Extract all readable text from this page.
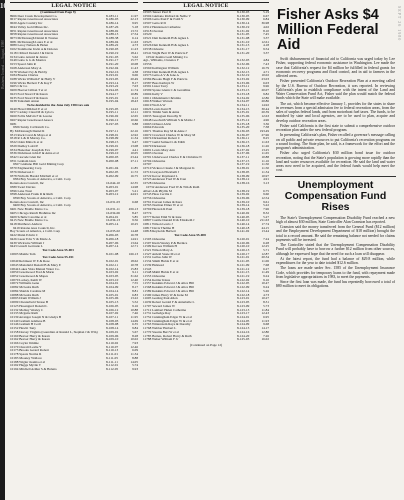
10
Business Journal — August, 1980
SEPT 26 1980
LEGAL NOTICE
(Continued from Page 9)
8966 Deer Creek Development Co.	8-183-11	11.97
9017 Rapier-Greenwood Associates	8-186-03	22.13
9020 Apple Country Inc	8-186-14	9.95
9044 Valley Gold Mines Inc.	8-187-26	5.18
9051 Rapier-Greenwood Associates	8-188-02	13.72
9058 Rapier-Greenwood Associates	8-188-13	17.54
9073 McDonough Daniel R Trustee	8-188-38	6.14
9081 McDonough Laura E et al	8-189-04	11.63
9089 Leroy Nelson & Helen	8-189-22	4.73
9102 Stanthorne Irwin A & Dolores	8-190-03	11.23
9118 Clifford Donald J & Davis	8-190-19	18.41
9134 Gatto Arnold & Janice	8-191-03	5.62
9149 Gatto G G & Monica	8-191-17	15.77
9153 Speed John R	8-191-20	10.08
9168 Anderson Mary A	8-192-04	11.43
9178 Wackert Ivy & Hobby	8-192-16	4.38
9184 Brooks Charles	8-193-01	9.06
9188 Wicks William F & Holly V	8-193-05	20.49
9196 Wicks Herbert F & Kay F	8-193-14	8.17
9205 Chr Co	8-193-22	7.03
9209 Hoover Lillian T et al	8-194-03	11.74
9223 Ford Stuart P & Karen	8-194-17	10.89
9235 Ford Stuart P & Karen	8-195-01	6.12
9238 Tantalum Anton	8-195-04	18.43
To be decided in the June July 1984 tax sale
9240 Hovel Mildred E et al	8-195-05	14.22
9257 Caddey Claud M & Lyla G	8-195-11	12.11
9260 Follis Melvin F & Lorene	8-196-02	12.65
9267 Rapier Greenwood Assocs	8-196-12	10.66
9281	8-197-03	9.88
9306 Sunny Cal Ranch Co.
By McDonough Daniel R	8-197-11	22.16
9313 Rock Coral & Maya et al	8-198-01	12.92
9318 R L & D Murray Co.	8-198-09	11.34
9322 Oden Mina K et al	8-198-15	9.47
9329 Dudley Laird P	8-199-01	13.08
9334 Honecker Joseph & Eva	8-199-07	4.41
9336 Dickinson John P & Anna et al	8-199-10	10.05
9342 Cascade Glen Inc	8-200-03	23.44
9351 Graham Glen	8-200-08	27.11
9367 Giuliano Hill Gold Mining Corp
9370 Engineering Corp	8-201-04	11.85
9376 Dickerson C	8-202-05	11.72
9378 Nicholls Harold Mitchell et al	8-202-09	16.75
9384 Boy Scouts of America, a Calif. Corp
Rotana Area Council, Inc	16-044-10	22.35
9389 Swart Davies	8-203-01	14.98
9396 Lane Trust	8-203-07	5.21
9398 Anderson Frank R & Ruth	8-203-12	44.91
9399 Boy Scouts of America, a Calif. Corp
Rotana Area Council, Inc	16-031-03	6.68
9400 Boy Scouts of America, a Calif. Corp
9401 New Braille Metro Co.	16-031-11	456.13
9405 Chicago Ranch Brahmas Inc	16-034-06	8.47
9409 Schultz Caroline et al	8-204-01	5.85
9415 New Braille Metro Co.	16-034-13	9.56
9418 Matthews Andrew	8-205-14	10.25
9419 Rotana Area Council, Inc.
Boy Scouts of America, a Calif. Corp	16-035-02	14.48
9422 Mann Edwin C	8-206-03	16.78
9426 Lueer Edw V & Marie A	8-206-18	14.91
9439 Wickwire William J	8-207-06	13.64
9443 Grusch Gertrude L	8-207-14	12.71
Tax Code Area 55-003
10003 Mantle Tom	8-101-08	166.13
Tax Code Area 55-011
10040 Robinson W E & Rose	8-102-01	18.62
10043 Mansfield Donald B & Mary E	8-102-11	10.78
10044 Lakes Vista Mutual Water Co.	8-102-14	15.83
10050 Greenwood Fred & Marie	8-103-02	9.11
10052 Greenwood & Mapes	8-103-05	31.62
10070 Lackey, Keith W	8-103-10	12.40
10072 Williams Gene	8-104-01	7.55
10082 McGuire Ruth	8-104-09	8.17
10084 Shields Caroline M	8-104-14	8.81
10088 McGuire Ruth	8-105-01	6.83
10093 Drum William J	8-105-06	13.22
10099 Chesterfield Terese B	8-105-13	5.52
10123 Hosengurd Donald L	8-106-05	9.16
10132 Mobley Wesley C	8-106-12	10.88
10133 Mcguire Ruth	8-107-02	7.46
10139 Arranger Joseph N & Gladys B	8-107-11	11.95
10140 Graham Adeliese B	8-108-03	14.69
10146 Graham H Cecil	8-108-08	6.35
10152 Hewitt Tony	8-108-14	9.84
10158 Dorsey Virginia (Guardian of Ronald L, Stephan J & Wm)	8-109-01	5.67
10160 Beaver Harry & Karen	8-109-06	8.28
10162 Beaver Harry & Karen	8-109-10	10.02
10166 Ceyler Jimmie	8-110-02	7.93
10170 Oswald Leslie Y	8-110-07	12.46
10173 Brooks Gerard Robert	8-110-13	6.09
10178 Spears Norma R	8-111-01	11.34
10183 Mooney Wallace	8-111-05	8.88
10188 Wigler Juanita et al	8-111-11	14.05
10192 Hugge Myrtle T	8-112-01	5.74
10194 Mitchell Arthur S & Helena	8-112-05	9.93
LEGAL NOTICE
10503 Teuser Paul D	8-130-03	5.19
10504 Giuliano Richard & Nellie V	8-130-05	6.67
10506 Gatto Paul F & Faith V	8-130-09	6.84
10507 Gatto R D	8-130-14	36.98
10512 Henderson Catherine	8-130-19	4.02
10518 Overton	8-131-02	8.10
10520	8-131-05	7.45
10521 Duit Kenneth H & Agnes L	8-131-08	3.37
10523	8-131-10	12.61
10526 Duit Kenneth H & Agnes L	8-131-13	4.18
10538 Osborne	8-131-17	9.54
10541 Wight Bert W & Patricia F	8-131-20	3.37
10542 Juanita Gold Mining Co
Agt., Williams, Clarence F	8-132-03	4.84
10556	8-132-06	7.43
10560 Koffington William	8-132-12	16.79
10562 Duit Kenneth H & Agnes L	8-132-15	4.71
10573 Gatto A V & Ione A	8-132-19	10.02
10584 Brooks Hugh F & Patricia	8-133-02	23.03
10587 Bass Kathryn W	8-133-06	6.03
10591 Lister Terry	8-133-11	9.96
10599 Sprate Glenn C & Geraldine	8-133-15	20.07
10604 Kelly V	8-133-18	9.82
10611 Oldenmann Christina	8-134-02	12.86
10618 Walker Warren	8-134-07	20.86
10619 Wolf A W	8-134-11	14.92
10626 Lewis Kent H	8-134-15	30.44
10631 Timlin Sam & Anna	8-135-01	20.39
10635 Teasaypen Dorothy N	8-135-06	12.63
10648 Goodwith William S & Mable J	8-135-12	4.96
10663 Ocheret Alvin	8-135-18	3.36
10664 Edwards	8-135-20	7.38
10671 Thomas Roy M & Anne J	8-136-03	193.49
10672 Crawford Charles W & Mary M	8-136-07	27.96
10674 Dickerman Robert C	8-136-11	8.25
10677 Guild Samuel L & Edith	8-136-15	11.63
10679 Dickerson	8-136-18	11.26
10691 Lewis Mary Ann	8-137-02	13.25
10693 Overton	8-137-06	11.65
10701 Underwood Charles E & Christine N	8-137-11	10.88
10704 Osbourne	8-137-15	11.16
10707	8-137-19	11.50
10710 Vickrea Claude J & Margaret K	8-138-01	11.50
10716 Grayson Elizabeth J	8-138-05	11.34
10722 Kovac Raymond L	8-138-09	10.97
10723 Anderson Fred W & Ivan	8-138-12	4.91
10728 Osbourne	8-138-16	3.13
10732 Anderson Fred W & Tim & Ruth
Albert A & Phyllis M	8-138-19	6.75
10745 Haas Cecilia C	8-139-02	9.60
10756 Osbourne	8-139-06	12.54
10761 Iverson James & Kara	8-139-10	9.61
10765 Norman Elmer W et al	8-139-14	5.22
10769 Heaven R Paul	8-139-18	7.96
10774	8-140-02	8.32
10777 Rentz Emil W & Ione	8-140-05	5.27
10807 Castile Donald D & Elizabeth J	8-140-10	211.63
10811 Wilson Lewis J	8-140-14	17.74
10817 Davis Thelma H	8-140-18	44.15
10818 Reynolds Herbert	8-141-02	13.44
Tax Code Area 55-008
11503 Osbourne	8-120-01	7.24
11507 Klein Wesley P & Bernice	8-120-06	6.28
11509 Kovaes William H	8-120-10	12.25
11521 Wilson Mary A	8-120-13	5.71
11527 Anfeld Stone M et al	8-120-17	12.87
11531 Gallos John W	8-121-01	20.34
11534 Smith Hulda E et al	8-121-05	11.06
11539 Halstead	8-121-09	7.68
11543	8-121-12	6.27
11548 Mahil Hulda E et al	8-121-15	11.49
11553 Osbourne	8-121-19	9.24
11554 Kettler Klaus	8-122-02	9.16
11557 Kokkins Edward J & Alice Hill	8-122-05	10.47
11568 Kokkins Edward J & Alice Hill	8-122-09	9.24
11589 Kokkins Edward J & Alice Hill	8-122-14	5.26
11590 James Harry W & Irene M	8-122-18	4.73
11605 Gosling Paul Allen	8-123-01	10.27
11639 Robert Gerald F & Annabelle L	8-123-05	8.31
11707 Seward James W	8-123-09	5.73
11712 Lambert Helen Catherine	8-123-13	11.84
11731 Golledge Ray	8-123-17	12.43
11752 Cunningham Edgar W & et al	8-124-01	6.95
11759 Cunningham Edgar W & et al	8-124-05	11.93
11763 Winterstein Raye & Dorothy	8-124-09	9.68
11768 Webber Herbert L	8-124-13	14.17
11770 Stearns Bert W et al	8-124-16	12.80
11785 Barnes, Robert Harry & Ruth	8-124-20	7.26
11788 Weber William F Jr	8-125-03	16.02
(Continued on Page 12)
Fisher Asks $4 Million Federal Aid

Swift disbursement of financial aid to California was urged today by Lee Fisher, supporting federal economic assistance in Washington. Lee made the case that California's request for $4 million be fulfilled in federal grants for economic recovery programs and flood control, and in aid to farmers in the affected areas.

Fisher presented California's Outdoor Recreation Plan at a meeting called by the U.S. Bureau of Outdoor Recreation, it was reported. In reviewing California's plan to establish compliance with the intent of the Land and Water Conservation Fund Act, Fisher said the plan would match the federal funds which the State will make available.

The act, which became effective January 1, provides for the states to share in revenues from a special admission fee to federal recreation areas, from the sales of surplus federal lands, and from motorboat fuel taxes. The funds, to be matched by state and local agencies, are to be used to plan, acquire and develop outdoor recreation areas.

Fisher said California is the first state to submit a comprehensive outdoor recreation plan under the new federal program.

In presenting California's plan, Fisher recalled a governor's message calling on all public and private resources to put California's recreation programs on a sound footing. The State plan, he said, is a framework for the effort and the program's administration.

Fisher also urged California's $30 million bond issue for outdoor recreation, noting that the State's population is growing more rapidly than the land and water resources available for recreation. He said the land and water areas now need to be acquired, and the federal funds would help meet the cost.

Unemployment Compensation Fund Rises

The State's Unemployment Compensation Disability Fund reached a new high of almost $30 million, State Controller Alan Cranston has reported.

Cranston said the money transferred from the General Fund ($12 million) and the Employment Development Department of $18 million) brought the total to a record amount. He said the remaining balance not needed for claims payments will be invested.

The Controller stated that the Unemployment Compensation Disability Fund will probably have to borrow a further $12 million from other sources, although he expressed hope that the need for such a loan will disappear.

At the latest report, the fund had a balance of $29.8 million, while expenditures for the year to date totaled $12.6 million.

The loans are made under Sec. 1585 of the Unemployment Insurance Code, which provides for temporary loans to the fund, with repayment made from legislative appropriations in 1983, to meet the payments.

Since the first loan was made, the fund has repeatedly borrowed a total of $80 million to meet its obligations.
